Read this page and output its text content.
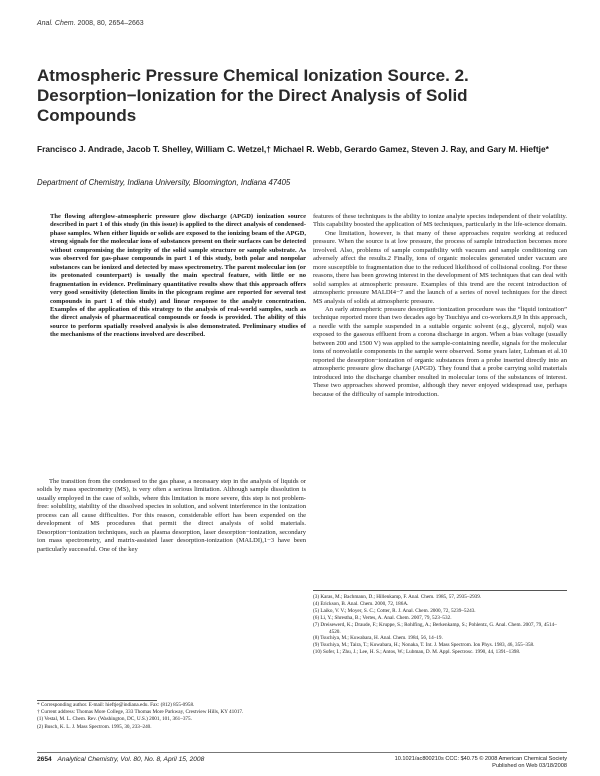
Anal. Chem. 2008, 80, 2654–2663
Atmospheric Pressure Chemical Ionization Source. 2. Desorption−Ionization for the Direct Analysis of Solid Compounds
Francisco J. Andrade, Jacob T. Shelley, William C. Wetzel,† Michael R. Webb, Gerardo Gamez, Steven J. Ray, and Gary M. Hieftje*
Department of Chemistry, Indiana University, Bloomington, Indiana 47405
The flowing afterglow-atmospheric pressure glow discharge (APGD) ionization source described in part 1 of this study (in this issue) is applied to the direct analysis of condensed-phase samples. When either liquids or solids are exposed to the ionizing beam of the APGD, strong signals for the molecular ions of substances present on their surfaces can be detected without compromising the integrity of the solid sample structure or sample substrate. As was observed for gas-phase compounds in part 1 of this study, both polar and nonpolar substances can be ionized and detected by mass spectrometry. The parent molecular ion (or its protonated counterpart) is usually the main spectral feature, with little or no fragmentation in evidence. Preliminary quantitative results show that this approach offers very good sensitivity (detection limits in the picogram regime are reported for several test compounds in part 1 of this study) and linear response to the analyte concentration. Examples of the application of this strategy to the analysis of real-world samples, such as the direct analysis of pharmaceutical compounds or foods is provided. The ability of this source to perform spatially resolved analysis is also demonstrated. Preliminary studies of the mechanisms of the reactions involved are described.

The transition from the condensed to the gas phase, a necessary step in the analysis of liquids or solids by mass spectrometry (MS), is very often a serious limitation. Although sample dissolution is usually employed in the case of solids, where this limitation is more severe, this step is not problem-free: solubility, stability of the dissolved species in solution, and solvent interference in the ionization process can all cause difficulties. For this reason, considerable effort has been expended on the development of MS procedures that permit the direct analysis of solid materials. Desorption−ionization techniques, such as plasma desorption, laser desorption−ionization, secondary ion mass spectrometry, and matrix-assisted laser desorption-ionization (MALDI),1−3 have been particularly successful. One of the key

features of these techniques is the ability to ionize analyte species independent of their volatility. This capability boosted the application of MS techniques, particularly in the life-science domain.

One limitation, however, is that many of these approaches require working at reduced pressure. When the source is at low pressure, the process of sample introduction becomes more involved. Also, problems of sample compatibility with vacuum and sample conditioning can adversely affect the results.2 Finally, ions of organic molecules generated under vacuum are more susceptible to fragmentation due to the reduced likelihood of collisional cooling. For these reasons, there has been growing interest in the development of MS techniques that can deal with solid samples at atmospheric pressure. Examples of this trend are the recent introduction of atmospheric pressure MALDI4−7 and the launch of a series of novel techniques for the direct MS analysis of solids at atmospheric pressure.

An early atmospheric pressure desorption−ionization procedure was the “liquid ionization” technique reported more than two decades ago by Tsuchiya and co-workers.8,9 In this approach, a needle with the sample suspended in a suitable organic solvent (e.g., glycerol, nujol) was exposed to the gaseous effluent from a corona discharge in argon. When a bias voltage (usually between 200 and 1500 V) was applied to the sample-containing needle, signals for the molecular ions of nonvolatile components in the sample were observed. Some years later, Lubman et al.10 reported the desorption−ionization of organic substances from a probe inserted directly into an atmospheric pressure glow discharge (APGD). They found that a probe carrying solid materials introduced into the discharge chamber resulted in molecular ions of the substances of interest. These two approaches showed promise, although they never enjoyed widespread use, perhaps because of the difficulty of sample introduction.

(3) Karas, M.; Bachmann, D.; Hillenkamp, F. Anal. Chem. 1985, 57, 2935–2939.
(4) Erickson, B. Anal. Chem. 2000, 72, 186A.
(5) Laiko, V. V.; Moyer, S. C.; Cotter, R. J. Anal. Chem. 2000, 72, 5239–5243.
(6) Li, Y.; Shrestha, B.; Vertes, A. Anal. Chem. 2007, 79, 523–532.
(7) Dreisewerd, K.; Draude, F.; Kruppe, S.; Rohlfing, A.; Berkenkamp, S.; Pohlentz, G. Anal. Chem. 2007, 79, 4514–4520.
(8) Tsuchiya, M.; Kuwabara, H. Anal. Chem. 1984, 56, 14–19.
(9) Tsuchiya, M.; Taira, T.; Kuwabara, H.; Nonaka, T. Int. J. Mass Spectrom. Ion Phys. 1983, 46, 355–358.
(10) Sofer, I.; Zhu, J.; Lee, H. S.; Antos, W.; Lubman, D. M. Appl. Spectrosc. 1990, 44, 1391–1398.
* Corresponding author. E-mail: hieftje@indiana.edu. Fax: (812) 855-0958.
† Current address: Thomas More College, 333 Thomas More Parkway, Crestview Hills, KY 41017.
(1) Vestal, M. L. Chem. Rev. (Washington, DC, U.S.) 2001, 101, 361–375.
(2) Busch, K. L. J. Mass Spectrom. 1995, 30, 233–240.
2654 Analytical Chemistry, Vol. 80, No. 8, April 15, 2008	10.1021/ac800210s CCC: $40.75 © 2008 American Chemical Society
Published on Web 03/18/2008
